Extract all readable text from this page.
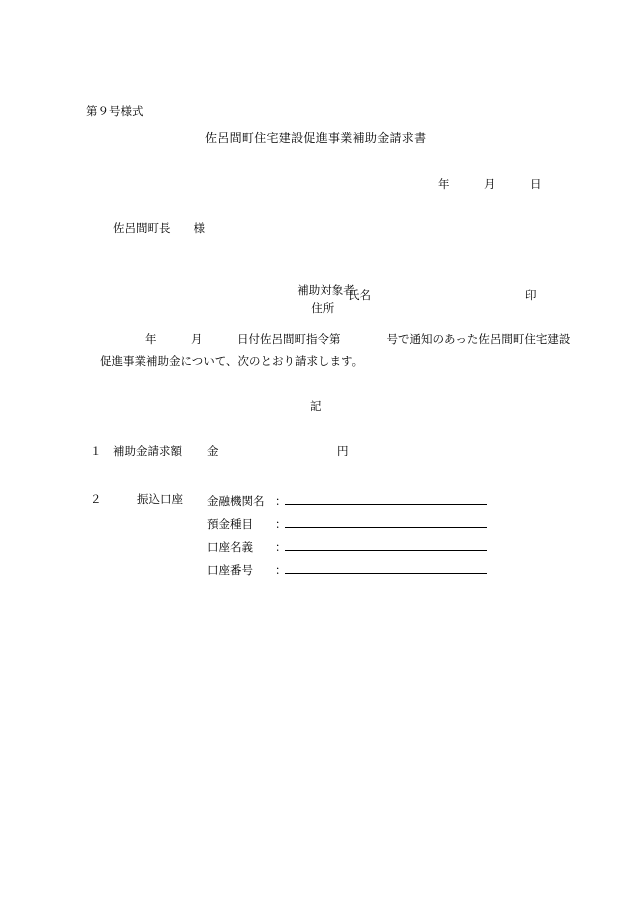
第９号様式
佐呂間町住宅建設促進事業補助金請求書
年　　　月　　　日
佐呂間町長　　様

補助対象者
住所

氏名	印
年　　　月　　　日付佐呂間町指令第　　　　号で通知のあった佐呂間町住宅建設
促進事業補助金について、次のとおり請求します。
記
１ 補助金請求額 金	円
２	振込口座 金融機関名 ：
預金種目	：
口座名義	：
口座番号	：
